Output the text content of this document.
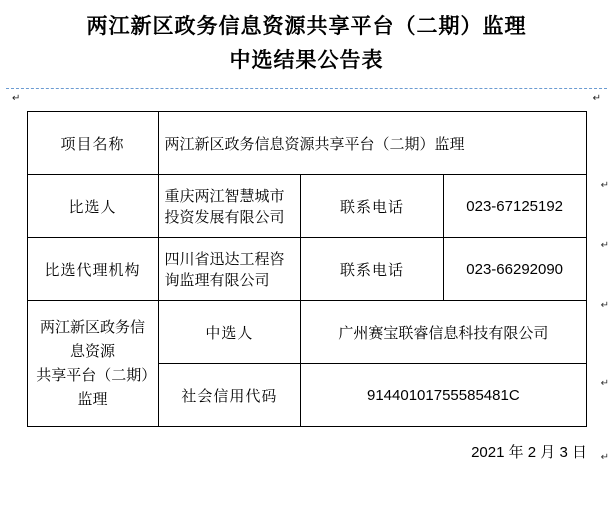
两江新区政务信息资源共享平台（二期）监理
中选结果公告表
↵	↵
项目名称	两江新区政务信息资源共享平台（二期）监理		
比选人	重庆两江智慧城市投资发展有限公司	联系电话	023-67125192
比选代理机构	四川省迅达工程咨询监理有限公司	联系电话	023-66292090

两江新区政务信息资源
共享平台（二期）监理	中选人	广州赛宝联睿信息科技有限公司	
	社会信用代码	91440101755585481C	
2021 年 2 月 3 日
↵
↵
↵
↵
↵
